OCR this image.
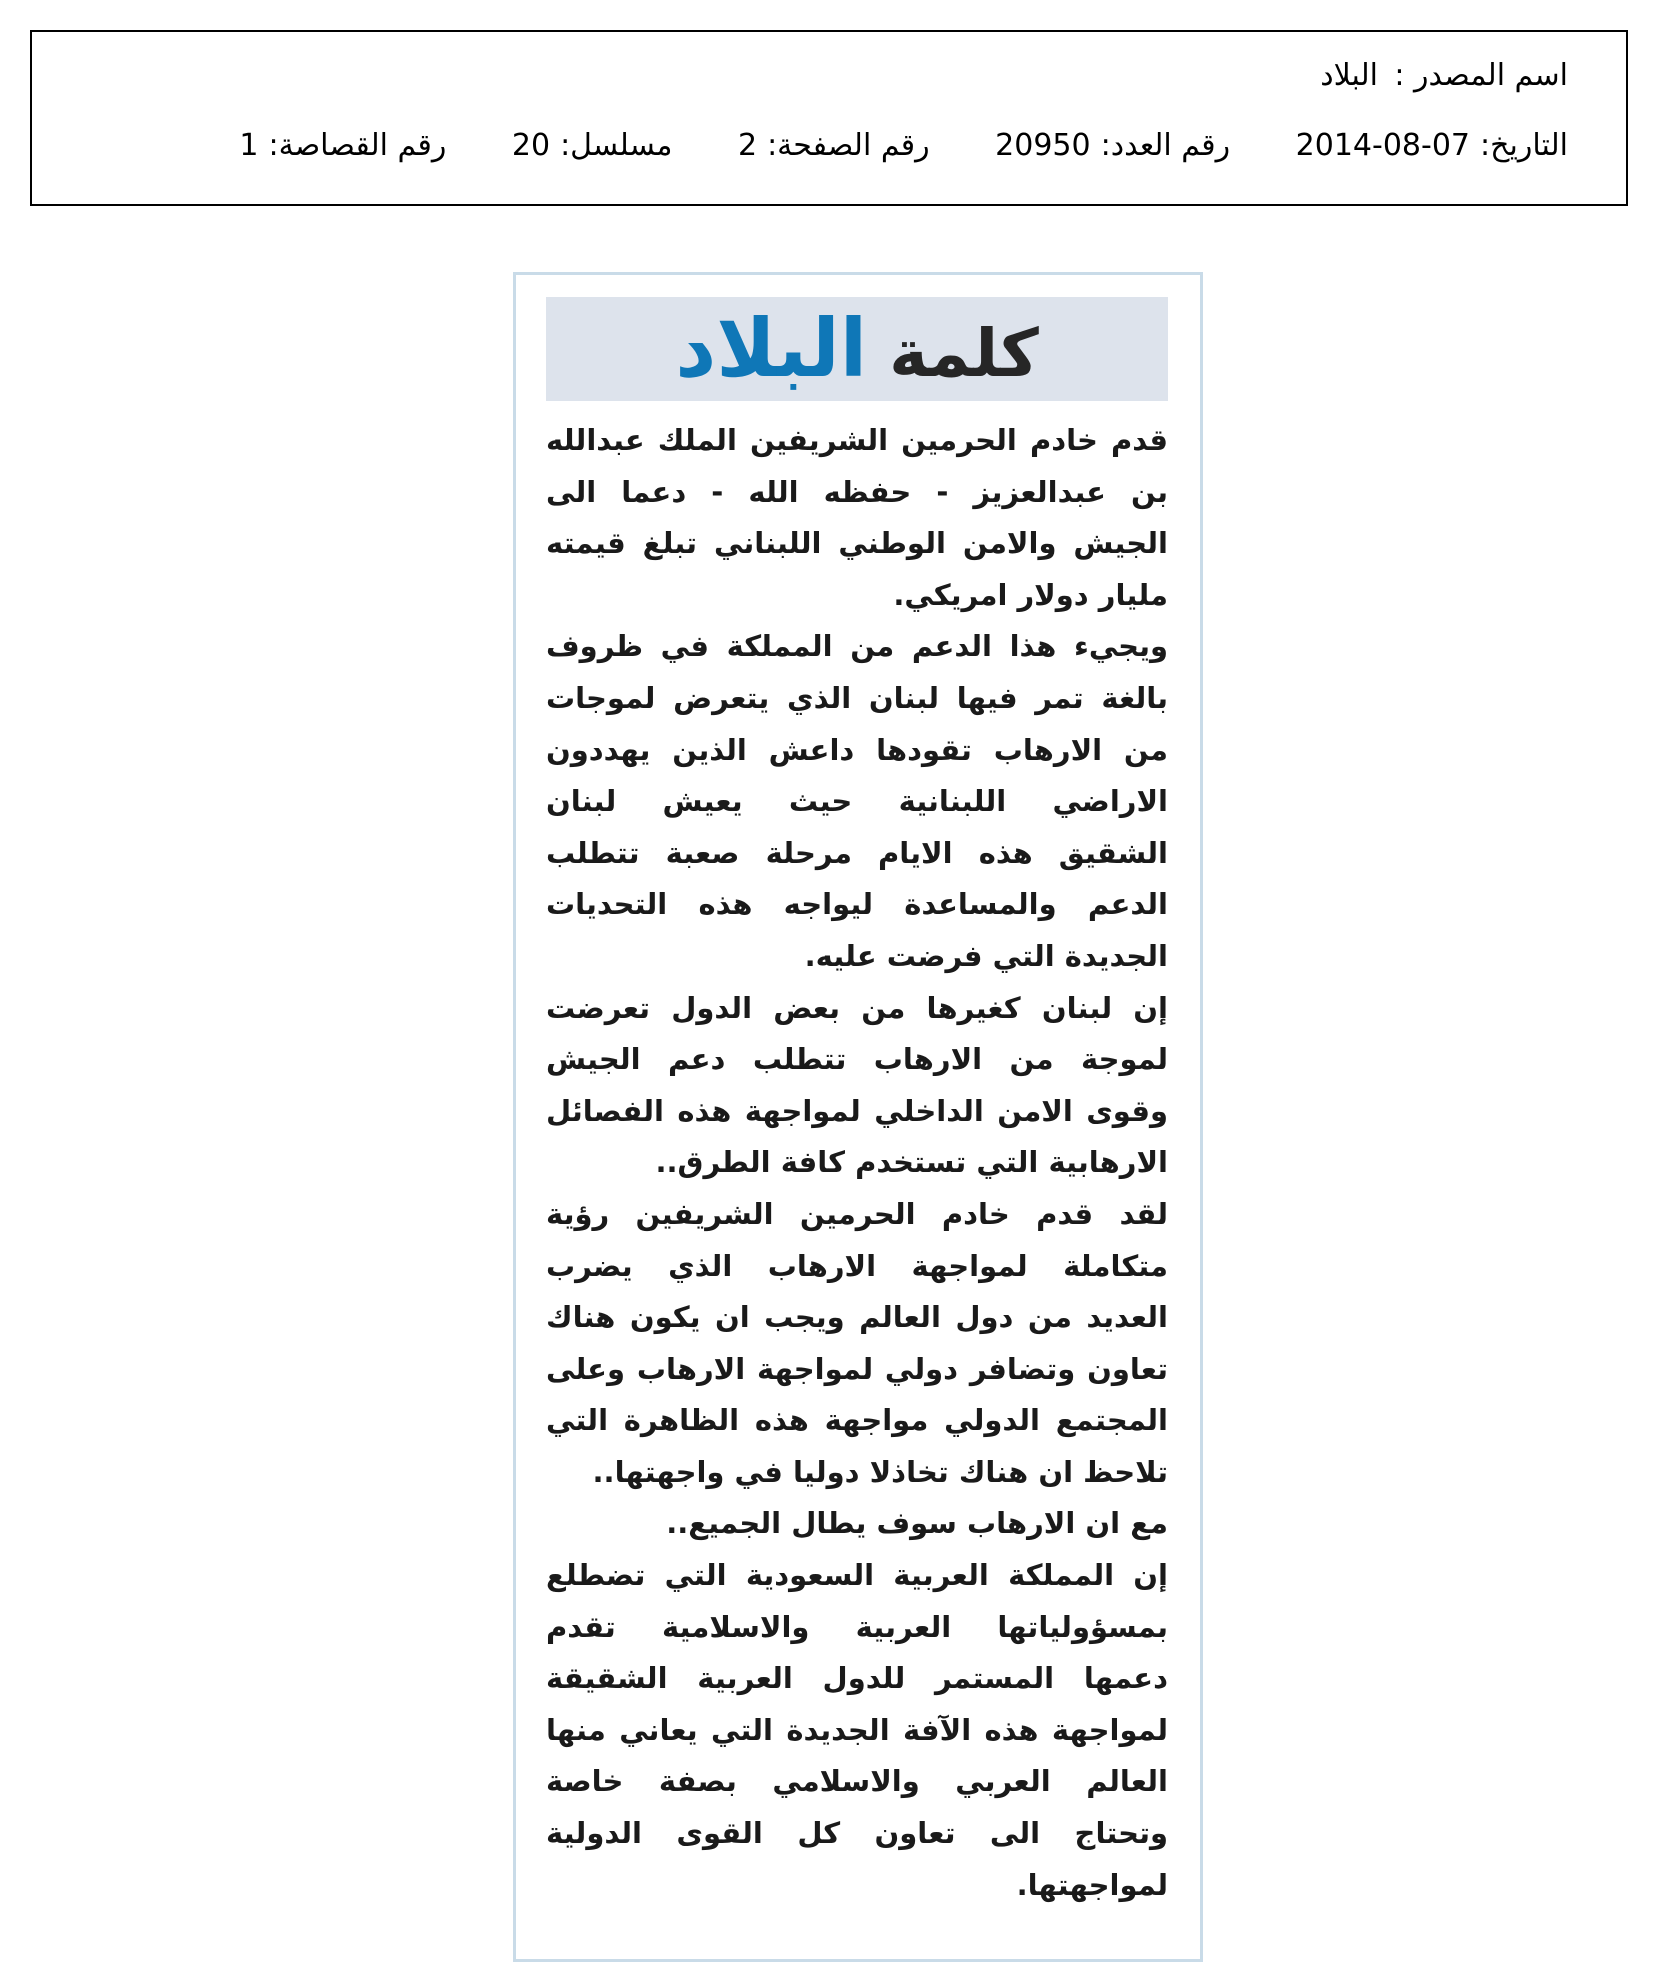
اسم المصدر :البلاد
التاريخ:2014-08-07 رقم العدد:20950 رقم الصفحة:2 مسلسل:20 رقم القصاصة:1
كلمةالبلاد
قدم خادم الحرمين الشريفين الملك عبدالله
بن عبدالعزيز - حفظه الله - دعما الى
الجيش والامن الوطني اللبناني تبلغ قيمته
مليار دولار امريكي.
ويجيء هذا الدعم من المملكة في ظروف
بالغة تمر فيها لبنان الذي يتعرض لموجات
من الارهاب تقودها داعش الذين يهددون
الاراضي اللبنانية حيث يعيش لبنان
الشقيق هذه الايام مرحلة صعبة تتطلب
الدعم والمساعدة ليواجه هذه التحديات
الجديدة التي فرضت عليه.
إن لبنان كغيرها من بعض الدول تعرضت
لموجة من الارهاب تتطلب دعم الجيش
وقوى الامن الداخلي لمواجهة هذه الفصائل
الارهابية التي تستخدم كافة الطرق..
لقد قدم خادم الحرمين الشريفين رؤية
متكاملة لمواجهة الارهاب الذي يضرب
العديد من دول العالم ويجب ان يكون هناك
تعاون وتضافر دولي لمواجهة الارهاب وعلى
المجتمع الدولي مواجهة هذه الظاهرة التي
تلاحظ ان هناك تخاذلا دوليا في واجهتها..
مع ان الارهاب سوف يطال الجميع..
إن المملكة العربية السعودية التي تضطلع
بمسؤولياتها العربية والاسلامية تقدم
دعمها المستمر للدول العربية الشقيقة
لمواجهة هذه الآفة الجديدة التي يعاني منها
العالم العربي والاسلامي بصفة خاصة
وتحتاج الى تعاون كل القوى الدولية
لمواجهتها.
